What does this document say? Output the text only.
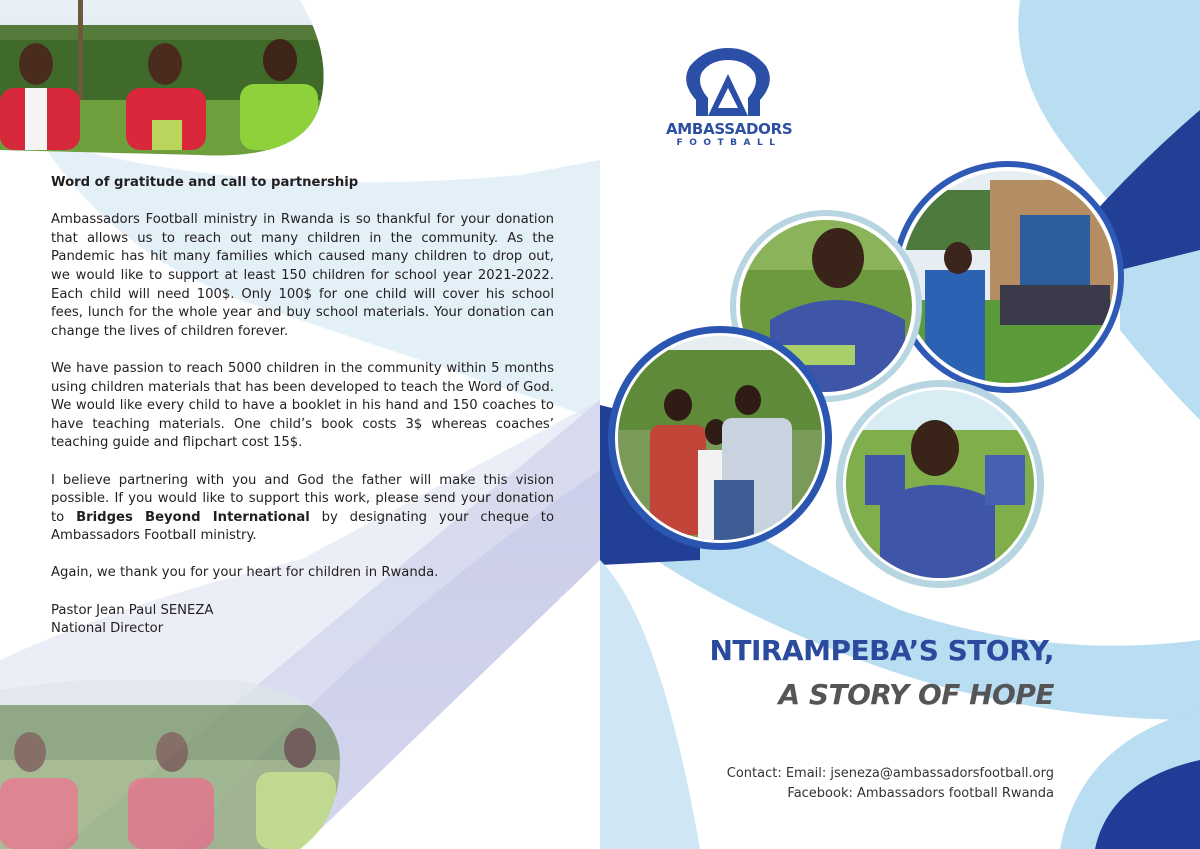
Word of gratitude and call to partnership

Ambassadors Football ministry in Rwanda is so thankful for your donation that allows us to reach out many children in the community. As the Pandemic has hit many families which caused many children to drop out, we would like to support at least 150 children for school year 2021-2022. Each child will need 100$. Only 100$ for one child will cover his school fees, lunch for the whole year and buy school materials. Your donation can change the lives of children forever.

We have passion to reach 5000 children in the community within 5 months using children materials that has been developed to teach the Word of God. We would like every child to have a booklet in his hand and 150 coaches to have teaching materials. One child’s book costs 3$ whereas coaches’ teaching guide and flipchart cost 15$.

I believe partnering with you and God the father will make this vision possible. If you would like to support this work, please send your donation to Bridges Beyond International by designating your cheque to Ambassadors Football ministry.

Again, we thank you for your heart for children in Rwanda.

Pastor Jean Paul SENEZA

National Director

AMBASSADORS
FOOTBALL
NTIRAMPEBA’S STORY,
A STORY OF HOPE
Contact: Email: jseneza@ambassadorsfootball.org
Facebook: Ambassadors football Rwanda
